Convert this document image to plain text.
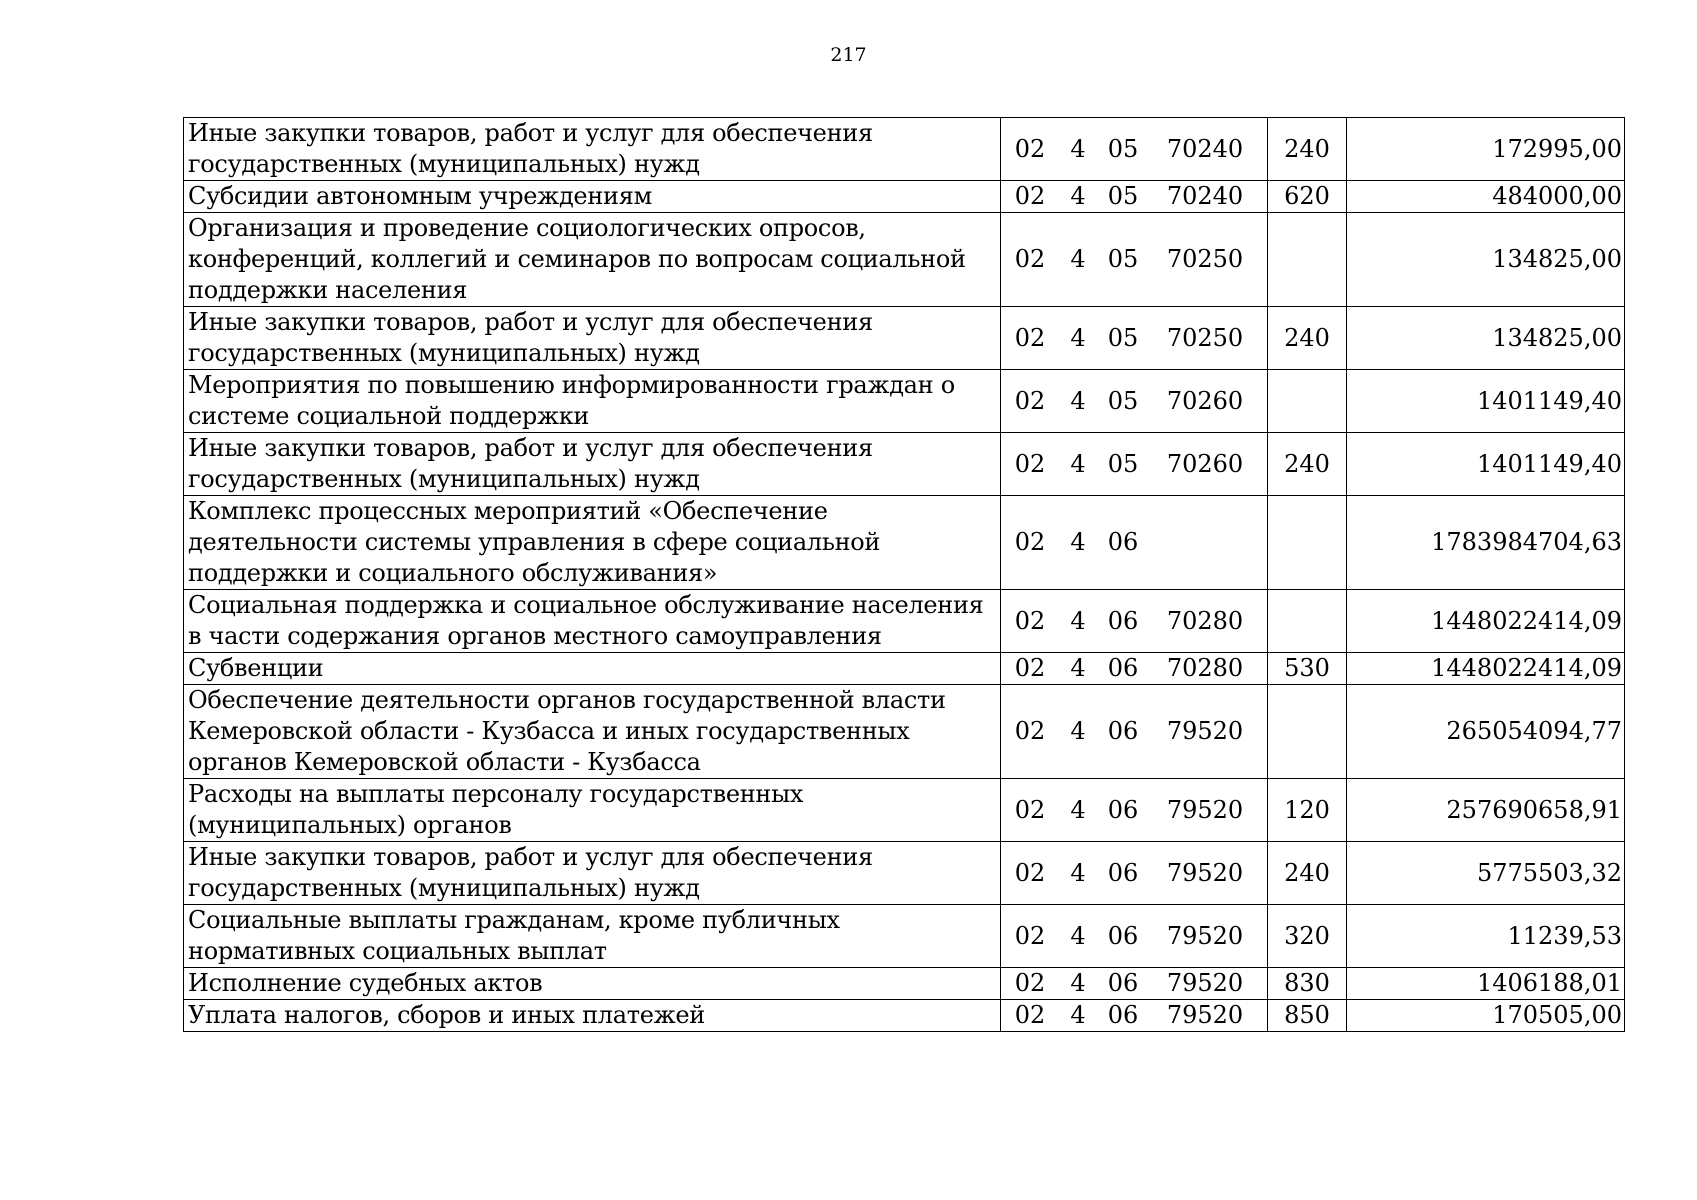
217
Иные закупки товаров, работ и услуг для обеспечения государственных (муниципальных) нужд	02 4 05 70240	240	172995,00
Субсидии автономным учреждениям	02 4 05 70240	620	484000,00
Организация и проведение социологических опросов, конференций, коллегий и семинаров по вопросам социальной поддержки населения	02 4 05 70250		134825,00
Иные закупки товаров, работ и услуг для обеспечения государственных (муниципальных) нужд	02 4 05 70250	240	134825,00
Мероприятия по повышению информированности граждан о системе социальной поддержки	02 4 05 70260		1401149,40
Иные закупки товаров, работ и услуг для обеспечения государственных (муниципальных) нужд	02 4 05 70260	240	1401149,40
Комплекс процессных мероприятий «Обеспечение деятельности системы управления в сфере социальной поддержки и социального обслуживания»	02 4 06		1783984704,63
Социальная поддержка и социальное обслуживание населения в части содержания органов местного самоуправления	02 4 06 70280		1448022414,09
Субвенции	02 4 06 70280	530	1448022414,09
Обеспечение деятельности органов государственной власти Кемеровской области - Кузбасса и иных государственных органов Кемеровской области - Кузбасса	02 4 06 79520		265054094,77
Расходы на выплаты персоналу государственных (муниципальных) органов	02 4 06 79520	120	257690658,91
Иные закупки товаров, работ и услуг для обеспечения государственных (муниципальных) нужд	02 4 06 79520	240	5775503,32
Социальные выплаты гражданам, кроме публичных нормативных социальных выплат	02 4 06 79520	320	11239,53
Исполнение судебных актов	02 4 06 79520	830	1406188,01
Уплата налогов, сборов и иных платежей	02 4 06 79520	850	170505,00
